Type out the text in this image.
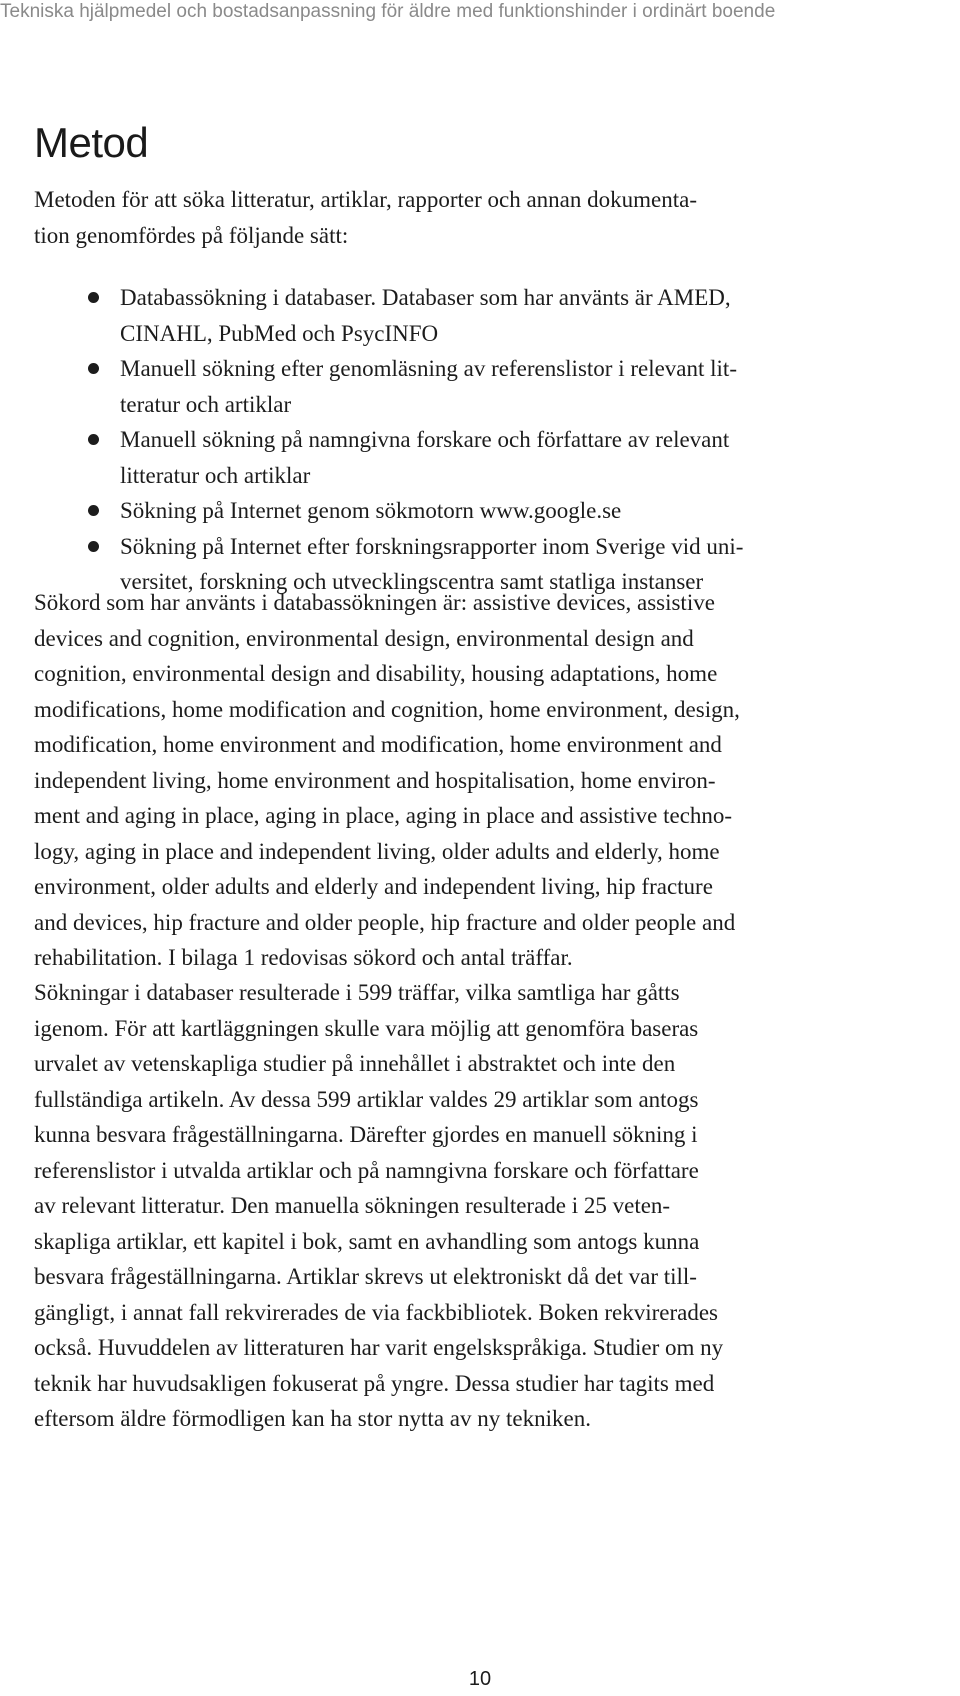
Tekniska hjälpmedel och bostadsanpassning för äldre med funktionshinder i ordinärt boende
Metod

Metoden för att söka litteratur, artiklar, rapporter och annan dokumenta-
tion genomfördes på följande sätt:

Databassökning i databaser. Databaser som har använts är AMED,
CINAHL, PubMed och PsycINFO
Manuell sökning efter genomläsning av referenslistor i relevant lit-
teratur och artiklar
Manuell sökning på namngivna forskare och författare av relevant
litteratur och artiklar
Sökning på Internet genom sökmotorn www.google.se
Sökning på Internet efter forskningsrapporter inom Sverige vid uni-
versitet, forskning och utvecklingscentra samt statliga instanser

Sökord som har använts i databassökningen är: assistive devices, assistive
devices and cognition, environmental design, environmental design and
cognition, environmental design and disability, housing adaptations, home
modifications, home modification and cognition, home environment, design,
modification, home environment and modification, home environment and
independent living, home environment and hospitalisation, home environ-
ment and aging in place, aging in place, aging in place and assistive techno-
logy, aging in place and independent living, older adults and elderly, home
environment, older adults and elderly and independent living, hip fracture
and devices, hip fracture and older people, hip fracture and older people and
rehabilitation. I bilaga 1 redovisas sökord och antal träffar.

Sökningar i databaser resulterade i 599 träffar, vilka samtliga har gåtts
igenom. För att kartläggningen skulle vara möjlig att genomföra baseras
urvalet av vetenskapliga studier på innehållet i abstraktet och inte den
fullständiga artikeln. Av dessa 599 artiklar valdes 29 artiklar som antogs
kunna besvara frågeställningarna. Därefter gjordes en manuell sökning i
referenslistor i utvalda artiklar och på namngivna forskare och författare
av relevant litteratur. Den manuella sökningen resulterade i 25 veten-
skapliga artiklar, ett kapitel i bok, samt en avhandling som antogs kunna
besvara frågeställningarna. Artiklar skrevs ut elektroniskt då det var till-
gängligt, i annat fall rekvirerades de via fackbibliotek. Boken rekvirerades
också. Huvuddelen av litteraturen har varit engelskspråkiga. Studier om ny
teknik har huvudsakligen fokuserat på yngre. Dessa studier har tagits med
eftersom äldre förmodligen kan ha stor nytta av ny tekniken.

10
